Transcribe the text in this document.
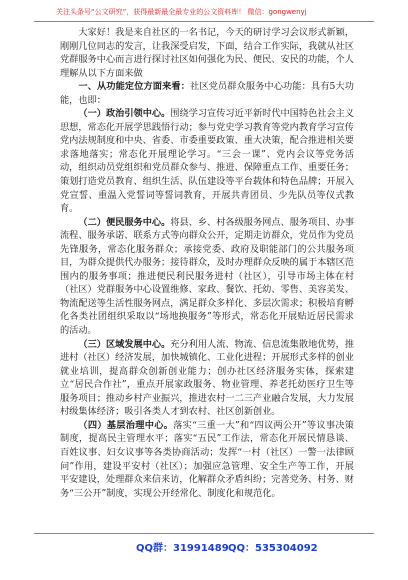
关注头条号“公文研究”，获得最新最全最专业的公文资料库！ 微信：gongwenyj

大家好！我是来自社区的一名书记，今天的研讨学习会议形式新颖，刚刚几位同志的发言，让我深受启发，下面，结合工作实际，我就从社区党群服务中心而言进行探讨社区如何强化为民、便民、安民的功能，个人理解从以下方面来做

一、从功能定位方面来看：社区党员群众服务中心功能：具有5大功能，也即：

（一）政治引领中心。围绕学习宣传习近平新时代中国特色社会主义思想，常态化开展学思践悟行动；参与党史学习教育等党内教育学习宣传党内法规制度和中央、省委、市委重要政策、重大决策，配合推进相关要求落地落实；常态化开展理论学习。“三会一课”、党内会议等党务活动，组织动员党组织和党员群众参与、推进、保障重点工作、重要任务；策划打造党员教育、组织生活、队伍建设等平台载体和特色品牌；开展入党宣誓、重温入党誓词等誓词教育，开展共青团员、少先队员等仪式教育。

（二）便民服务中心。将县、乡、村各级服务网点、服务项目、办事流程、服务承诺、联系方式等向群众公开，定期走访群众，党员作为党员先锋服务，常态化服务群众；承接党委、政府及职能部门的公共服务项目，为群众提供代办服务；接待群众，及时办理群众反映的属于本辖区范围内的服务事项；推进便民利民服务进村（社区），引导市场主体在村（社区）党群服务中心设置维修、家政、餐饮、托幼、零售、美容美发、物流配送等生活性服务网点，满足群众多样化、多层次需求；积极培育孵化各类社团组织采取以“场地换服务”等形式，常态化开展贴近居民需求的活动。

（三）区域发展中心。充分利用人流、物流、信息流集散地优势，推进村（社区）经济发展，加快城镇化、工业化进程；开展形式多样的创业就业培训，提高群众创新创业能力；创办社区经济服务实体，探索建立“居民合作社”，重点开展家政服务、物业管理、养老托幼医疗卫生等服务项目；推动乡村产业振兴，推进农村一二三产业融合发展，大力发展村级集体经济；吸引各类人才到农村、社区创新创业。

（四）基层治理中心。落实“三重一大”和“四议两公开”等议事决策制度，提高民主管理水平；落实“五民”工作法，常态化开展民情恳谈、百姓议事、妇女议事等各类协商活动；发挥“一村（社区）一警一法律顾问”作用，建设平安村（社区）；加强应急管理、安全生产等工作，开展平安建设，处理群众来信来访，化解群众矛盾纠纷；完善党务、村务、财务“三公开”制度，实现公开经常化、制度化和规范化。

QQ群：31991489 QQ：535304092
